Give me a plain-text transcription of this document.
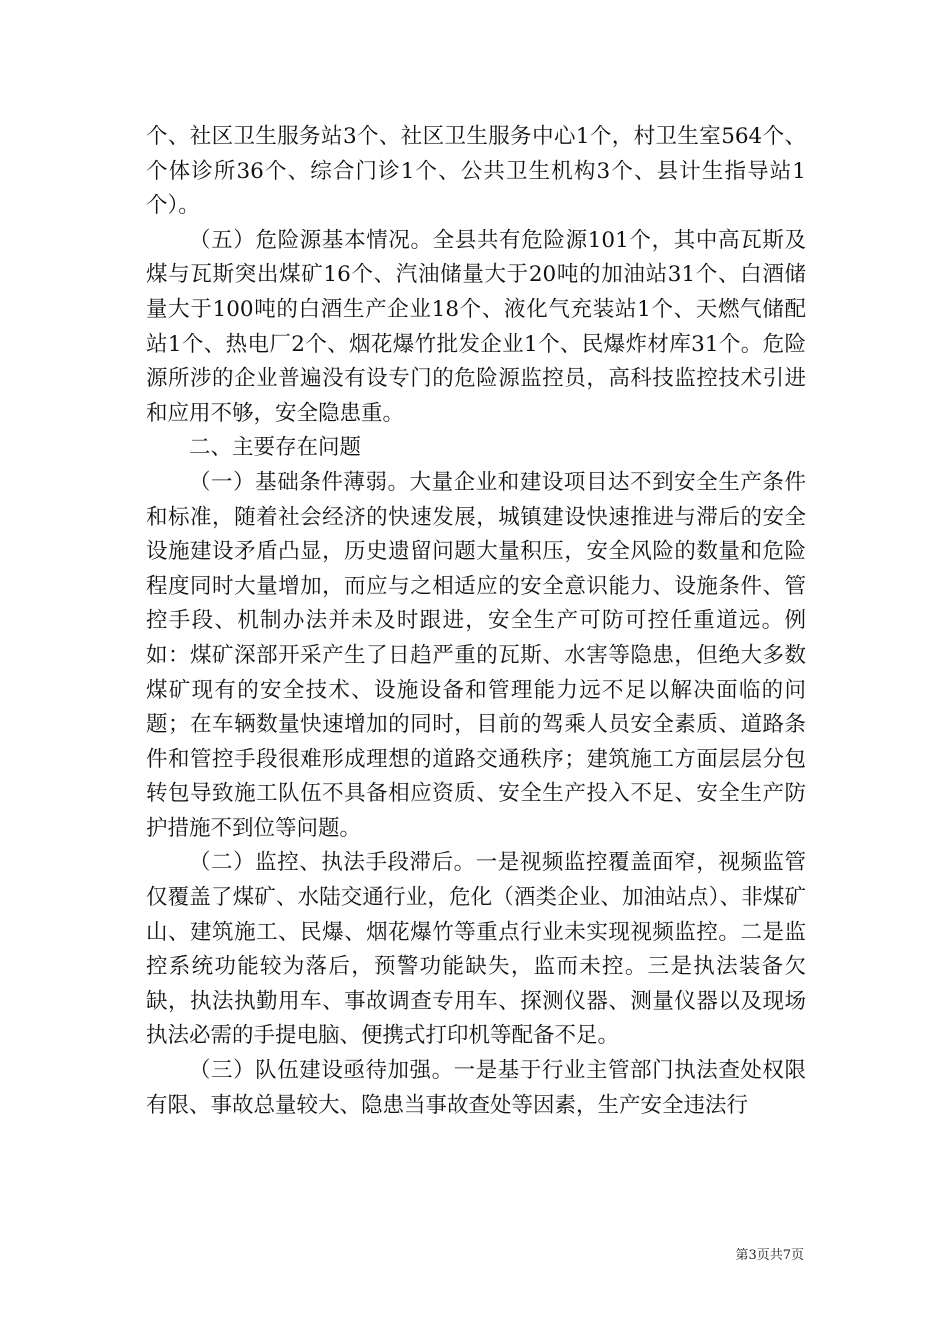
个、社区卫生服务站3个、社区卫生服务中心1个，村卫生室564个、个体诊所36个、综合门诊1个、公共卫生机构3个、县计生指导站1个）。

（五）危险源基本情况。全县共有危险源101个，其中高瓦斯及煤与瓦斯突出煤矿16个、汽油储量大于20吨的加油站31个、白酒储量大于100吨的白酒生产企业18个、液化气充装站1个、天燃气储配站1个、热电厂2个、烟花爆竹批发企业1个、民爆炸材库31个。危险源所涉的企业普遍没有设专门的危险源监控员，高科技监控技术引进和应用不够，安全隐患重。

二、主要存在问题

（一）基础条件薄弱。大量企业和建设项目达不到安全生产条件和标准，随着社会经济的快速发展，城镇建设快速推进与滞后的安全设施建设矛盾凸显，历史遗留问题大量积压，安全风险的数量和危险程度同时大量增加，而应与之相适应的安全意识能力、设施条件、管控手段、机制办法并未及时跟进，安全生产可防可控任重道远。例如：煤矿深部开采产生了日趋严重的瓦斯、水害等隐患，但绝大多数煤矿现有的安全技术、设施设备和管理能力远不足以解决面临的问题；在车辆数量快速增加的同时，目前的驾乘人员安全素质、道路条件和管控手段很难形成理想的道路交通秩序；建筑施工方面层层分包转包导致施工队伍不具备相应资质、安全生产投入不足、安全生产防护措施不到位等问题。

（二）监控、执法手段滞后。一是视频监控覆盖面窄，视频监管仅覆盖了煤矿、水陆交通行业，危化（酒类企业、加油站点）、非煤矿山、建筑施工、民爆、烟花爆竹等重点行业未实现视频监控。二是监控系统功能较为落后，预警功能缺失，监而未控。三是执法装备欠缺，执法执勤用车、事故调查专用车、探测仪器、测量仪器以及现场执法必需的手提电脑、便携式打印机等配备不足。

（三）队伍建设亟待加强。一是基于行业主管部门执法查处权限有限、事故总量较大、隐患当事故查处等因素，生产安全违法行

第3页共7页
